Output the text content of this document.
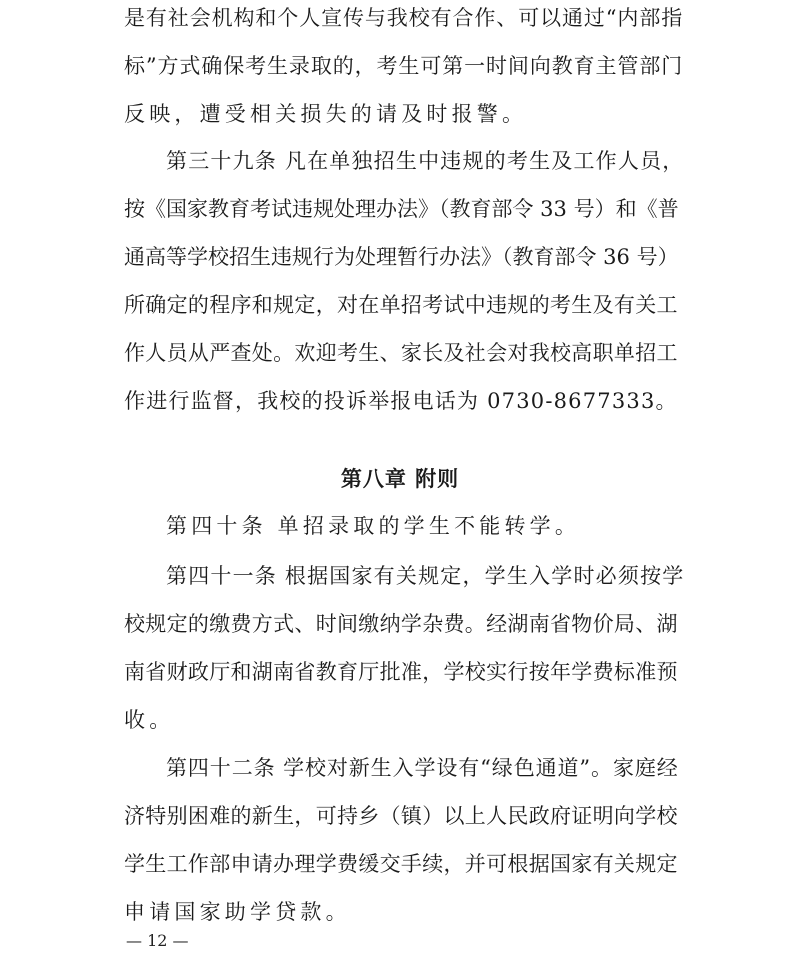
是有社会机构和个人宣传与我校有合作、可以通过“内部指
标”方式确保考生录取的，考生可第一时间向教育主管部门
反映，遭受相关损失的请及时报警。
第三十九条 凡在单独招生中违规的考生及工作人员，
按《国家教育考试违规处理办法》（教育部令 33 号）和《普
通高等学校招生违规行为处理暂行办法》（教育部令 36 号）
所确定的程序和规定，对在单招考试中违规的考生及有关工
作人员从严查处。欢迎考生、家长及社会对我校高职单招工
作进行监督，我校的投诉举报电话为 0730-8677333。
第八章 附则
第四十条 单招录取的学生不能转学。
第四十一条 根据国家有关规定，学生入学时必须按学
校规定的缴费方式、时间缴纳学杂费。经湖南省物价局、湖
南省财政厅和湖南省教育厅批准，学校实行按年学费标准预
收。
第四十二条 学校对新生入学设有“绿色通道”。家庭经
济特别困难的新生，可持乡（镇）以上人民政府证明向学校
学生工作部申请办理学费缓交手续，并可根据国家有关规定
申请国家助学贷款。
— 12 —
